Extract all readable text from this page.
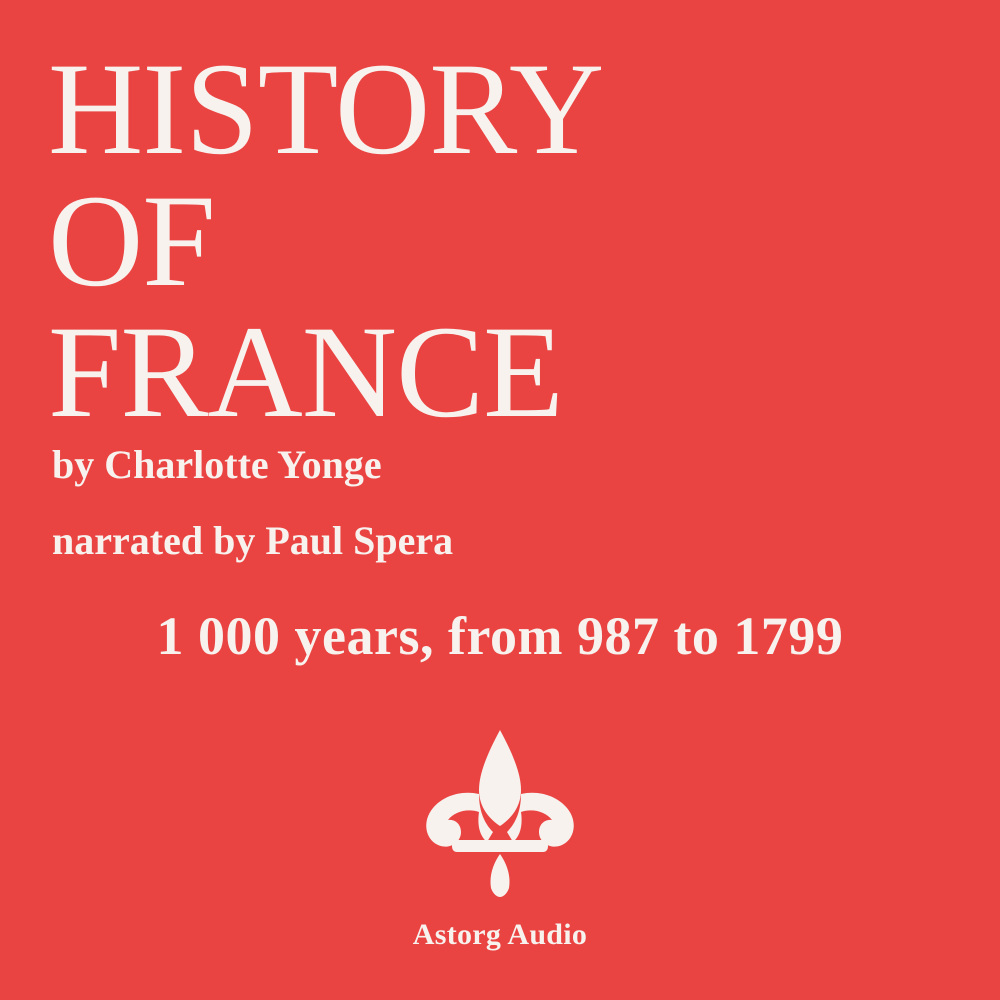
HISTORY
OF
FRANCE
by Charlotte Yonge
narrated by Paul Spera
1 000 years, from 987 to 1799
Astorg Audio
